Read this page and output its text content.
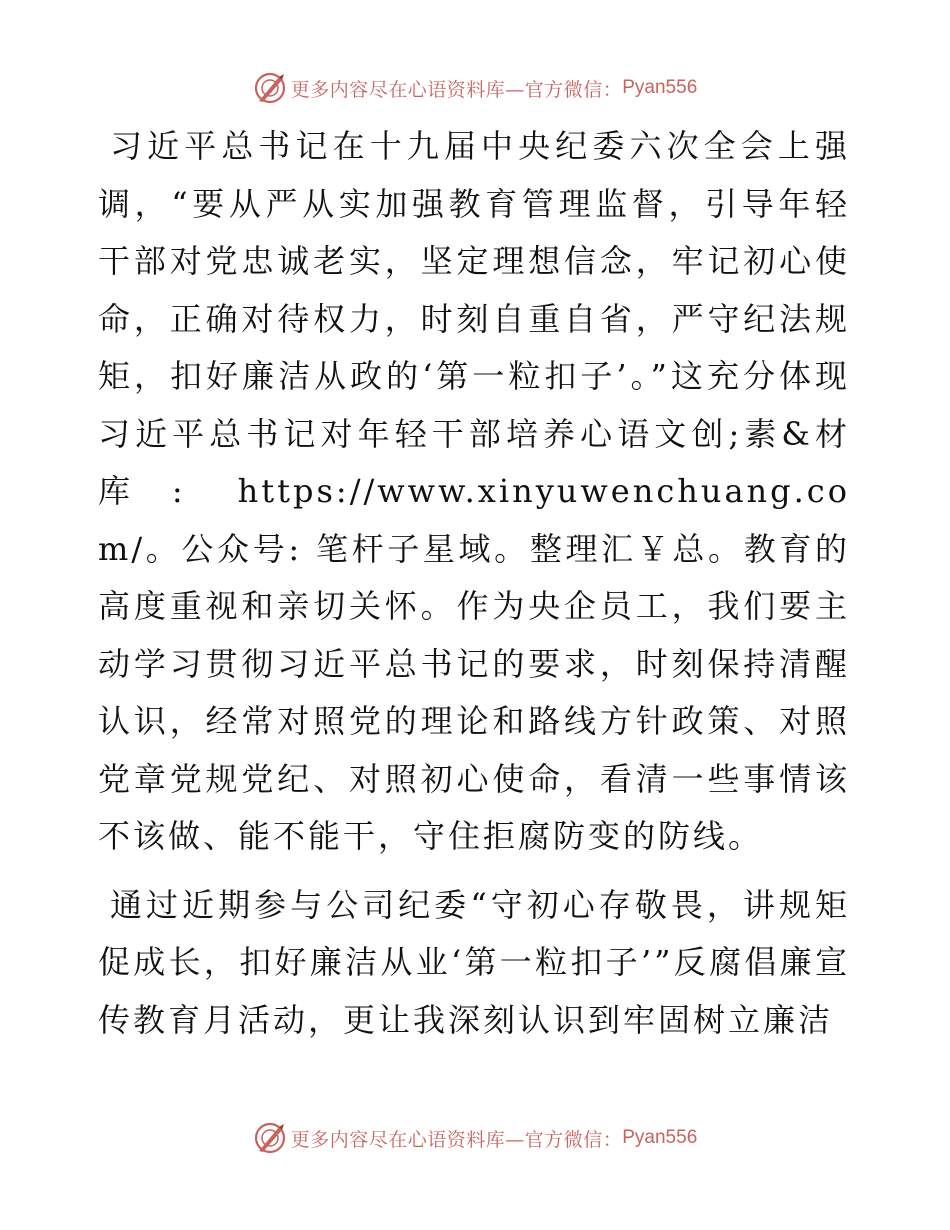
更多内容尽在心语资料库—官方微信： Pyan556

习近平总书记在十九届中央纪委六次全会上强调，“要从严从实加强教育管理监督，引导年轻干部对党忠诚老实，坚定理想信念，牢记初心使命，正确对待权力，时刻自重自省，严守纪法规矩，扣好廉洁从政的‘第一粒扣子’。”这充分体现习近平总书记对年轻干部培养心语文创;素&材库: https://www.xinyuwenchuang.com/。公众号: 笔杆子星域。整理汇￥总。教育的高度重视和亲切关怀。作为央企员工，我们要主动学习贯彻习近平总书记的要求，时刻保持清醒认识，经常对照党的理论和路线方针政策、对照党章党规党纪、对照初心使命，看清一些事情该不该做、能不能干，守住拒腐防变的防线。

通过近期参与公司纪委“守初心存敬畏，讲规矩促成长，扣好廉洁从业‘第一粒扣子’”反腐倡廉宣传教育月活动，更让我深刻认识到牢固树立廉洁

更多内容尽在心语资料库—官方微信： Pyan556
